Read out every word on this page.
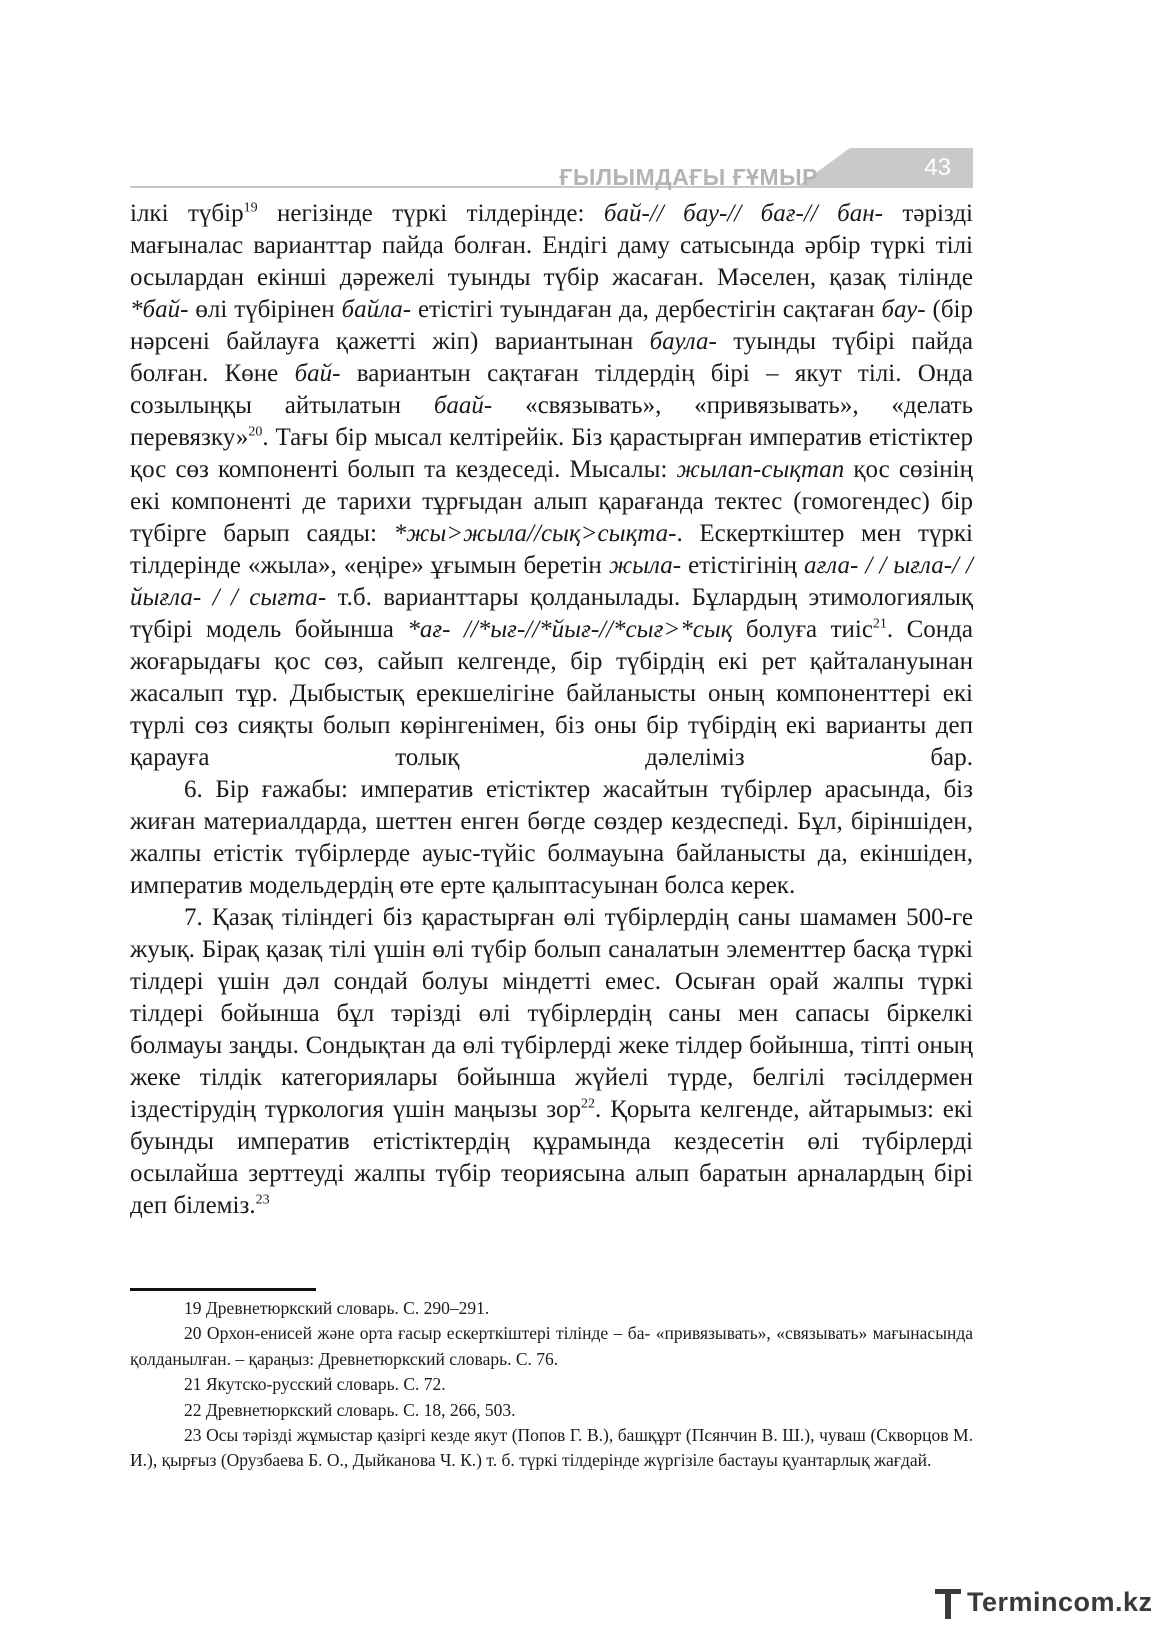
ҒЫЛЫМДАҒЫ ҒҰМЫР	43

ілкі түбір$^{19}$ негізінде түркі тілдерінде: бай-// бау-// бағ-// бан- тәрізді мағыналас варианттар пайда болған. Ендігі даму сатысында әрбір түркі тілі осылардан екінші дәрежелі туынды түбір жасаған. Мәселен, қазақ тілінде *бай- өлі түбірінен байла- етістігі туындаған да, дербестігін сақтаған бау- (бір нәрсені байлауға қажетті жіп) вариантынан баула- туынды түбірі пайда болған. Көне бай- вариантын сақтаған тілдердің бірі – якут тілі. Онда созылыңқы айтылатын баай- «связывать», «привязывать», «делать перевязку»$^{20}$. Тағы бір мысал келтірейік. Біз қарастырған императив етістіктер қос сөз компоненті болып та кездеседі. Мысалы: жылап-сықтап қос сөзінің екі компоненті де тарихи тұрғыдан алып қарағанда тектес (гомогендес) бір түбірге барып саяды: *жы>жыла//сық>сықта-. Ескерткіштер мен түркі тілдерінде «жыла», «еңіре» ұғымын беретін жыла- етістігінің ағла- / / ығла-/ / йығла- / / сығта- т.б. варианттары қолданылады. Бұлардың этимологиялық түбірі модель бойынша *ағ- //*ығ-//*йығ-//*сығ>*сық болуға тиіс$^{21}$. Сонда жоғарыдағы қос сөз, сайып келгенде, бір түбірдің екі рет қайталануынан жасалып тұр. Дыбыстық ерекшелігіне байланысты оның компоненттері екі түрлі сөз сияқты болып көрінгенімен, біз оны бір түбірдің екі варианты деп қарауға толық дәлеліміз бар.

6. Бір ғажабы: императив етістіктер жасайтын түбірлер арасында, біз жиған материалдарда, шеттен енген бөгде сөздер кездеспеді. Бұл, біріншіден, жалпы етістік түбірлерде ауыс-түйіс болмауына байланысты да, екіншіден, императив модельдердің өте ерте қалыптасуынан болса керек.

7. Қазақ тіліндегі біз қарастырған өлі түбірлердің саны шамамен 500-ге жуық. Бірақ қазақ тілі үшін өлі түбір болып саналатын элементтер басқа түркі тілдері үшін дәл сондай болуы міндетті емес. Осыған орай жалпы түркі тілдері бойынша бұл тәрізді өлі түбірлердің саны мен сапасы біркелкі болмауы заңды. Сондықтан да өлі түбірлерді жеке тілдер бойынша, тіпті оның жеке тілдік категориялары бойынша жүйелі түрде, белгілі тәсілдермен іздестірудің түркология үшін маңызы зор$^{22}$. Қорыта келгенде, айтарымыз: екі буынды императив етістіктердің құрамында кездесетін өлі түбірлерді осылайша зерттеуді жалпы түбір теориясына алып баратын арналардың бірі деп білеміз.$^{23}$

19 Древнетюркский словарь. С. 290–291.

20 Орхон-енисей және орта ғасыр ескерткіштері тілінде – ба- «привязывать», «связывать» мағынасында қолданылған. – қараңыз: Древнетюркский словарь. С. 76.

21 Якутско-русский словарь. С. 72.

22 Древнетюркский словарь. С. 18, 266, 503.

23 Осы тәрізді жұмыстар қазіргі кезде якут (Попов Г. В.), башқұрт (Псянчин В. Ш.), чуваш (Скворцов М. И.), қырғыз (Орузбаева Б. О., Дыйканова Ч. К.) т. б. түркі тілдерінде жүргізіле бастауы қуантарлық жағдай.

Termincom.kz
